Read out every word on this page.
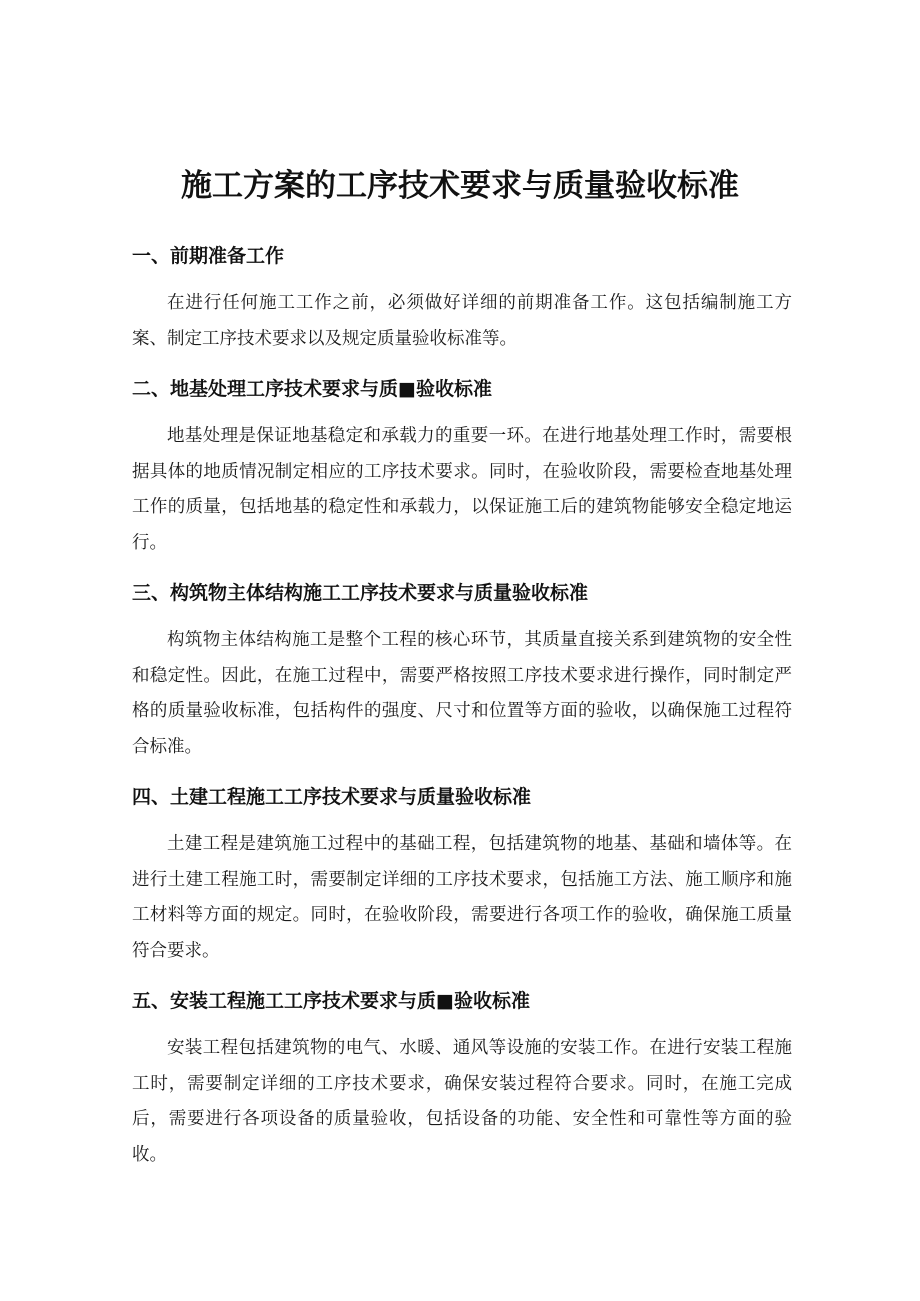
施工方案的工序技术要求与质量验收标准
一、前期准备工作

在进行任何施工工作之前，必须做好详细的前期准备工作。这包括编制施工方案、制定工序技术要求以及规定质量验收标准等。

二、地基处理工序技术要求与质■验收标准

地基处理是保证地基稳定和承载力的重要一环。在进行地基处理工作时，需要根据具体的地质情况制定相应的工序技术要求。同时，在验收阶段，需要检查地基处理工作的质量，包括地基的稳定性和承载力，以保证施工后的建筑物能够安全稳定地运行。

三、构筑物主体结构施工工序技术要求与质量验收标准

构筑物主体结构施工是整个工程的核心环节，其质量直接关系到建筑物的安全性和稳定性。因此，在施工过程中，需要严格按照工序技术要求进行操作，同时制定严格的质量验收标准，包括构件的强度、尺寸和位置等方面的验收，以确保施工过程符合标准。

四、土建工程施工工序技术要求与质量验收标准

土建工程是建筑施工过程中的基础工程，包括建筑物的地基、基础和墙体等。在进行土建工程施工时，需要制定详细的工序技术要求，包括施工方法、施工顺序和施工材料等方面的规定。同时，在验收阶段，需要进行各项工作的验收，确保施工质量符合要求。

五、安装工程施工工序技术要求与质■验收标准

安装工程包括建筑物的电气、水暖、通风等设施的安装工作。在进行安装工程施工时，需要制定详细的工序技术要求，确保安装过程符合要求。同时，在施工完成后，需要进行各项设备的质量验收，包括设备的功能、安全性和可靠性等方面的验收。
